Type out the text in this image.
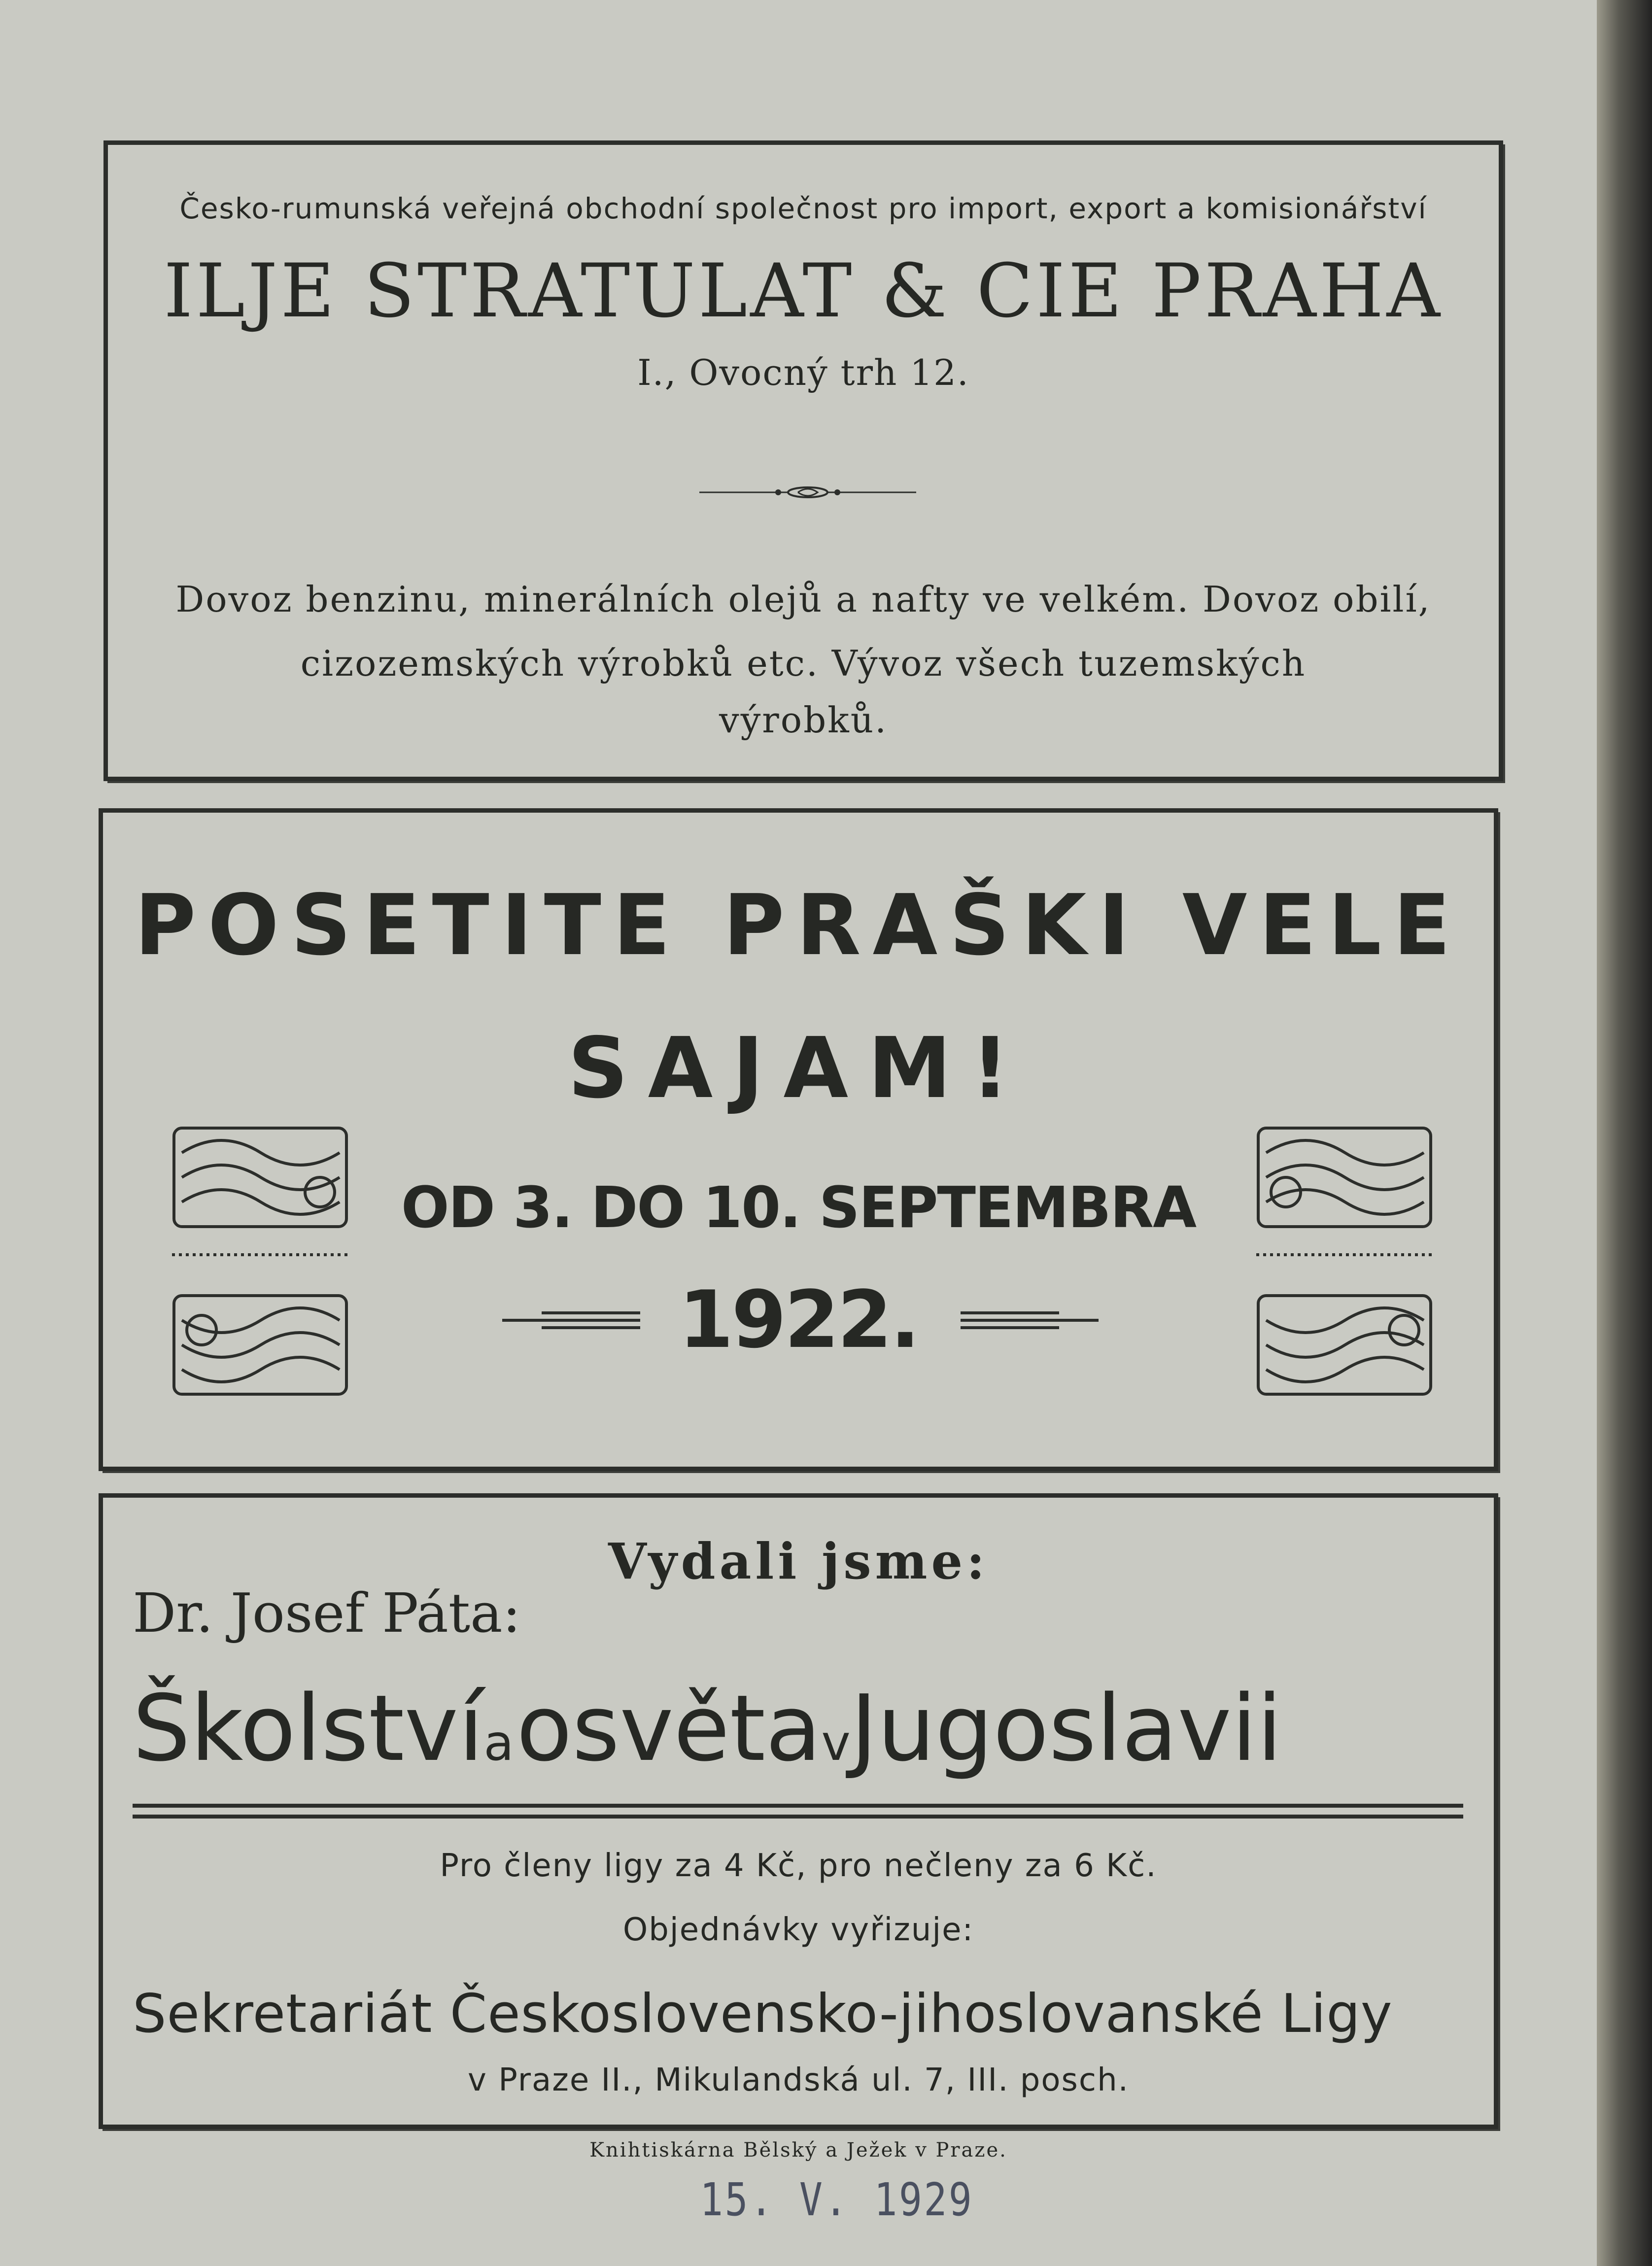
Česko-rumunská veřejná obchodní společnost pro import, export a komisionářství
ILJE STRATULAT & CIE PRAHA
I., Ovocný trh 12.
Dovoz benzinu, minerálních olejů a nafty ve velkém. Dovoz obilí,
cizozemských výrobků etc. Vývoz všech tuzemských
výrobků.
POSETITE PRAŠKI VELE
SAJAM!
OD 3. DO 10. SEPTEMBRA
1922.
Vydali jsme:
Dr. Josef Páta:
Školstvía osvětavJugoslavii
Pro členy ligy za 4 Kč, pro nečleny za 6 Kč.
Objednávky vyřizuje:
Sekretariát Československo-jihoslovanské Ligy
v Praze II., Mikulandská ul. 7, III. posch.
Knihtiskárna Bělský a Ježek v Praze.
15. V. 1929
